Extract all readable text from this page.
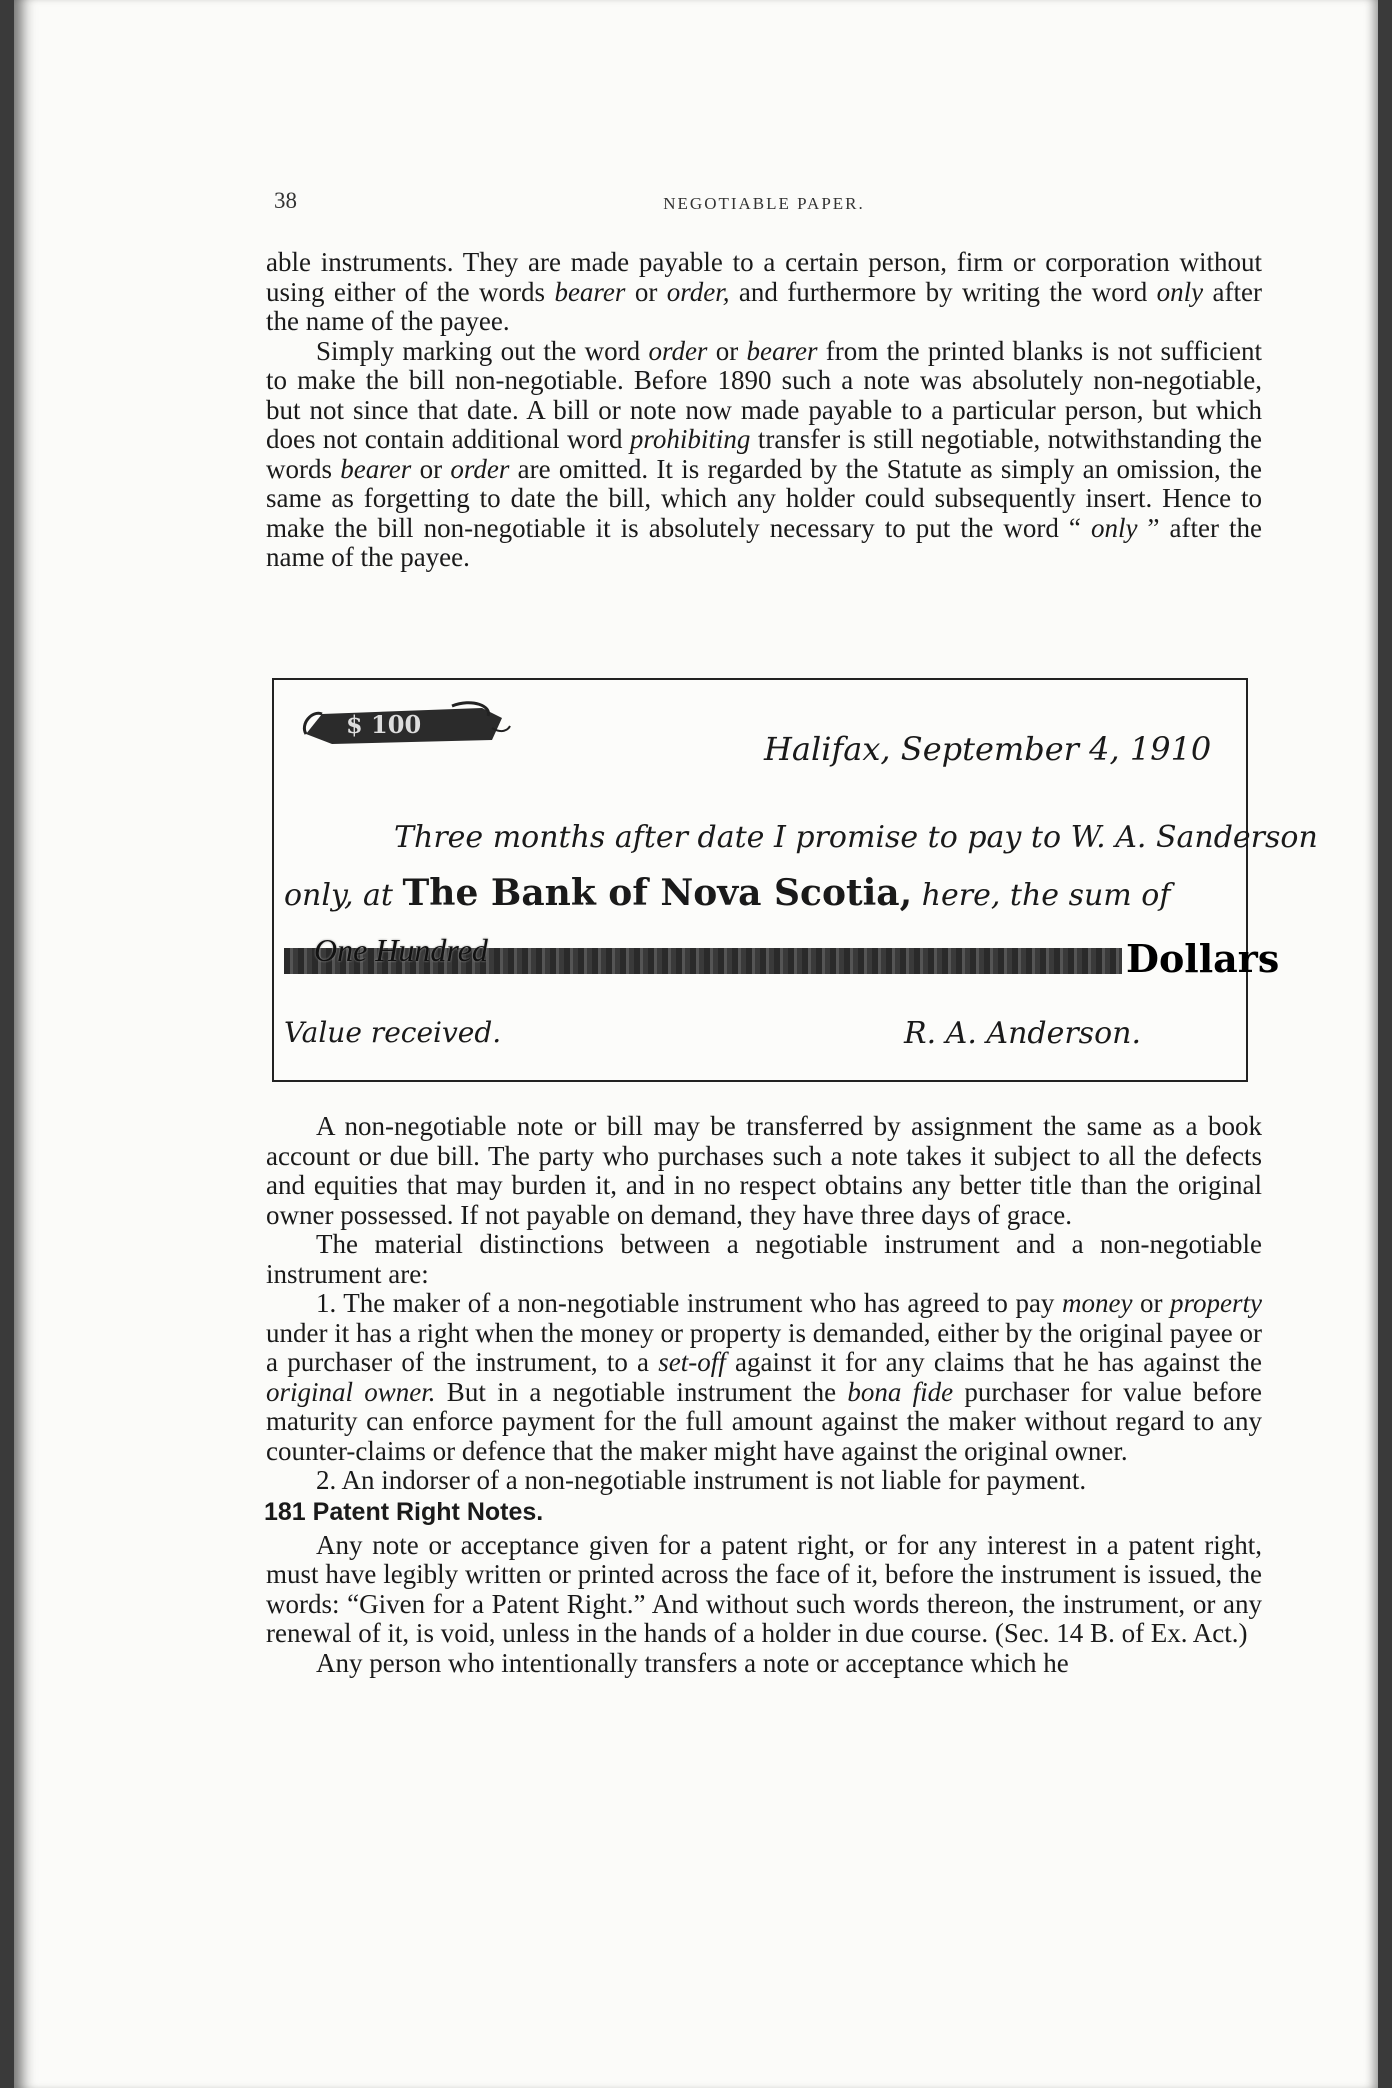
38	NEGOTIABLE PAPER.

able instruments. They are made payable to a certain person, firm or corporation without using either of the words bearer or order, and furthermore by writing the word only after the name of the payee.

Simply marking out the word order or bearer from the printed blanks is not sufficient to make the bill non-negotiable. Before 1890 such a note was absolutely non-negotiable, but not since that date. A bill or note now made payable to a particular person, but which does not contain additional word prohibiting transfer is still negotiable, notwithstanding the words bearer or order are omitted. It is regarded by the Statute as simply an omission, the same as forgetting to date the bill, which any holder could subsequently insert. Hence to make the bill non-negotiable it is absolutely necessary to put the word “ only ” after the name of the payee.

$ 100
Halifax, September 4, 1910
Three months after date I promise to pay to W. A. Sanderson
only, at The Bank of Nova Scotia, here, the sum of
One Hundred	Dollars
Value received.	R. A. Anderson.

A non-negotiable note or bill may be transferred by assignment the same as a book account or due bill. The party who purchases such a note takes it subject to all the defects and equities that may burden it, and in no respect obtains any better title than the original owner possessed. If not payable on demand, they have three days of grace.

The material distinctions between a negotiable instrument and a non-negotiable instrument are:

1. The maker of a non-negotiable instrument who has agreed to pay money or property under it has a right when the money or property is demanded, either by the original payee or a purchaser of the instrument, to a set-off against it for any claims that he has against the original owner. But in a negotiable instrument the bona fide purchaser for value before maturity can enforce payment for the full amount against the maker without regard to any counter-claims or defence that the maker might have against the original owner.

2. An indorser of a non-negotiable instrument is not liable for payment.

181 Patent Right Notes.

Any note or acceptance given for a patent right, or for any interest in a patent right, must have legibly written or printed across the face of it, before the instrument is issued, the words: “Given for a Patent Right.” And without such words thereon, the instrument, or any renewal of it, is void, unless in the hands of a holder in due course. (Sec. 14 B. of Ex. Act.)

Any person who intentionally transfers a note or acceptance which he
